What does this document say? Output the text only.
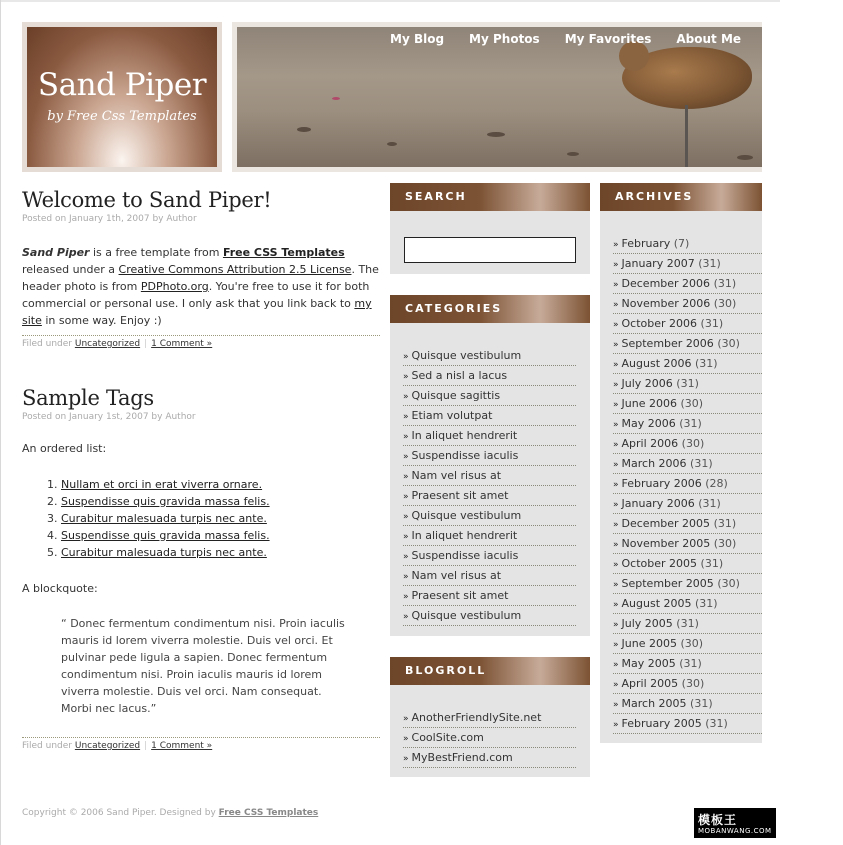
Sand Piper
by Free Css Templates
My Blog My Photos My Favorites About Me Contact
Welcome to Sand Piper!
Posted on January 1th, 2007 by Author

Sand Piper is a free template from Free CSS Templates released under a Creative Commons Attribution 2.5 License. The header photo is from PDPhoto.org. You're free to use it for both commercial or personal use. I only ask that you link back to my site in some way. Enjoy :)

Filed under Uncategorized | 1 Comment »
Sample Tags
Posted on January 1st, 2007 by Author

An ordered list:

1. Nullam et orci in erat viverra ornare.
2. Suspendisse quis gravida massa felis.
3. Curabitur malesuada turpis nec ante.
4. Suspendisse quis gravida massa felis.
5. Curabitur malesuada turpis nec ante.

A blockquote:

“ Donec fermentum condimentum nisi. Proin iaculis mauris id lorem viverra molestie. Duis vel orci. Et pulvinar pede ligula a sapien. Donec fermentum condimentum nisi. Proin iaculis mauris id lorem viverra molestie. Duis vel orci. Nam consequat. Morbi nec lacus.”
Filed under Uncategorized | 1 Comment »
SEARCH
CATEGORIES
» Quisque vestibulum
» Sed a nisl a lacus
» Quisque sagittis
» Etiam volutpat
» In aliquet hendrerit
» Suspendisse iaculis
» Nam vel risus at
» Praesent sit amet
» Quisque vestibulum
» In aliquet hendrerit
» Suspendisse iaculis
» Nam vel risus at
» Praesent sit amet
» Quisque vestibulum
BLOGROLL
» AnotherFriendlySite.net
» CoolSite.com
» MyBestFriend.com
ARCHIVES
» February (7)
» January 2007 (31)
» December 2006 (31)
» November 2006 (30)
» October 2006 (31)
» September 2006 (30)
» August 2006 (31)
» July 2006 (31)
» June 2006 (30)
» May 2006 (31)
» April 2006 (30)
» March 2006 (31)
» February 2006 (28)
» January 2006 (31)
» December 2005 (31)
» November 2005 (30)
» October 2005 (31)
» September 2005 (30)
» August 2005 (31)
» July 2005 (31)
» June 2005 (30)
» May 2005 (31)
» April 2005 (30)
» March 2005 (31)
» February 2005 (31)
Copyright © 2006 Sand Piper. Designed by Free CSS Templates	模板王
MOBANWANG.COM
